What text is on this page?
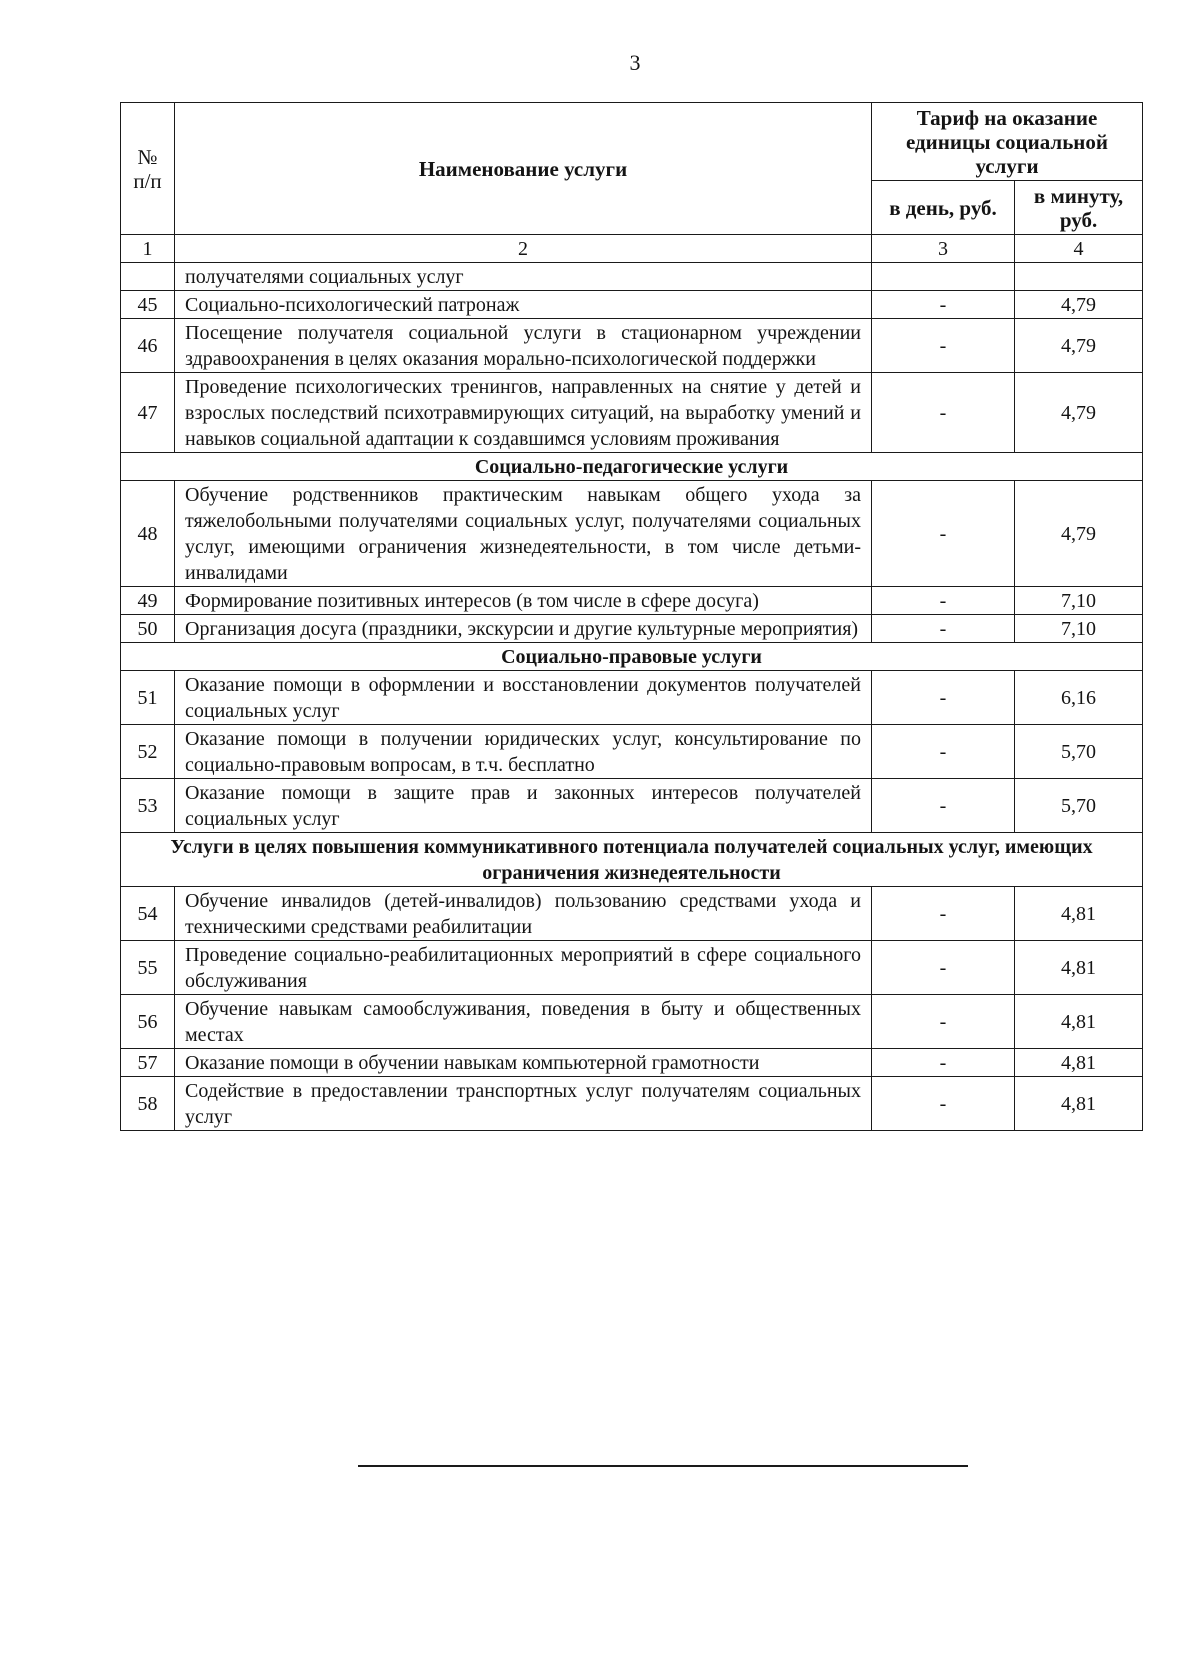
3
№ п/п	Наименование услуги	Тариф на оказание единицы социальной услуги	
		в день, руб.	в минуту, руб.
1	2	3	4
	получателями социальных услуг		
45	Социально-психологический патронаж	-	4,79
46	Посещение получателя социальной услуги в стационарном учреждении здравоохранения в целях оказания морально-психологической поддержки	-	4,79
47	Проведение психологических тренингов, направленных на снятие у детей и взрослых последствий психотравмирующих ситуаций, на выработку умений и навыков социальной адаптации к создавшимся условиям проживания	-	4,79
Социально-педагогические услуги			
48	Обучение родственников практическим навыкам общего ухода за тяжелобольными получателями социальных услуг, получателями социальных услуг, имеющими ограничения жизнедеятельности, в том числе детьми-инвалидами	-	4,79
49	Формирование позитивных интересов (в том числе в сфере досуга)	-	7,10
50	Организация досуга (праздники, экскурсии и другие культурные мероприятия)	-	7,10
Социально-правовые услуги			
51	Оказание помощи в оформлении и восстановлении документов получателей социальных услуг	-	6,16
52	Оказание помощи в получении юридических услуг, консультирование по социально-правовым вопросам, в т.ч. бесплатно	-	5,70
53	Оказание помощи в защите прав и законных интересов получателей социальных услуг	-	5,70
Услуги в целях повышения коммуникативного потенциала получателей социальных услуг, имеющих ограничения жизнедеятельности			
54	Обучение инвалидов (детей-инвалидов) пользованию средствами ухода и техническими средствами реабилитации	-	4,81
55	Проведение социально-реабилитационных мероприятий в сфере социального обслуживания	-	4,81
56	Обучение навыкам самообслуживания, поведения в быту и общественных местах	-	4,81
57	Оказание помощи в обучении навыкам компьютерной грамотности	-	4,81
58	Содействие в предоставлении транспортных услуг получателям социальных услуг	-	4,81
